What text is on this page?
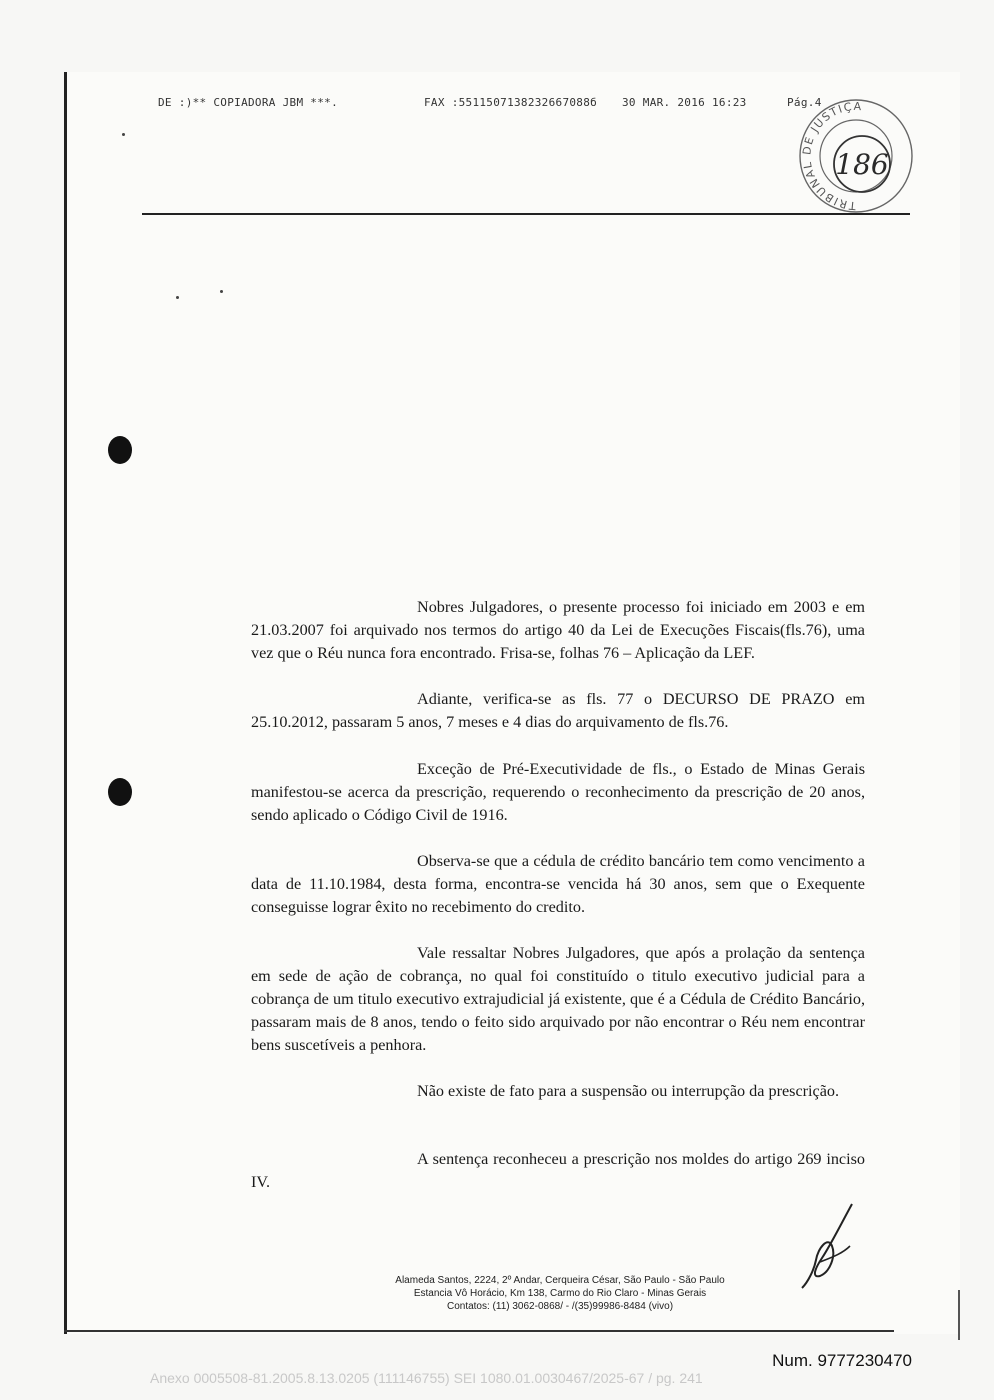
DE :)** COPIADORA JBM ***.	FAX :5511507138232667088б 30 MAR. 2016 16:23	Pág.4
TRIBUNAL DE JUSTIÇA
186

Nobres Julgadores, o presente processo foi iniciado em 2003 e em 21.03.2007 foi arquivado nos termos do artigo 40 da Lei de Execuções Fiscais(fls.76), uma vez que o Réu nunca fora encontrado. Frisa-se, folhas 76 – Aplicação da LEF.

Adiante, verifica-se as fls. 77 o DECURSO DE PRAZO em 25.10.2012, passaram 5 anos, 7 meses e 4 dias do arquivamento de fls.76.

Exceção de Pré-Executividade de fls., o Estado de Minas Gerais manifestou-se acerca da prescrição, requerendo o reconhecimento da prescrição de 20 anos, sendo aplicado o Código Civil de 1916.

Observa-se que a cédula de crédito bancário tem como vencimento a data de 11.10.1984, desta forma, encontra-se vencida há 30 anos, sem que o Exequente conseguisse lograr êxito no recebimento do credito.

Vale ressaltar Nobres Julgadores, que após a prolação da sentença em sede de ação de cobrança, no qual foi constituído o titulo executivo judicial para a cobrança de um titulo executivo extrajudicial já existente, que é a Cédula de Crédito Bancário, passaram mais de 8 anos, tendo o feito sido arquivado por não encontrar o Réu nem encontrar bens suscetíveis a penhora.

Não existe de fato para a suspensão ou interrupção da prescrição.

A sentença reconheceu a prescrição nos moldes do artigo 269 inciso IV.

Alameda Santos, 2224, 2º Andar, Cerqueira César, São Paulo - São Paulo
Estancia Vô Horácio, Km 138, Carmo do Rio Claro - Minas Gerais
Contatos: (11) 3062-0868/ - /(35)99986-8484 (vivo)
Num. 9777230470
Anexo 0005508-81.2005.8.13.0205 (111146755) SEI 1080.01.0030467/2025-67 / pg. 241
